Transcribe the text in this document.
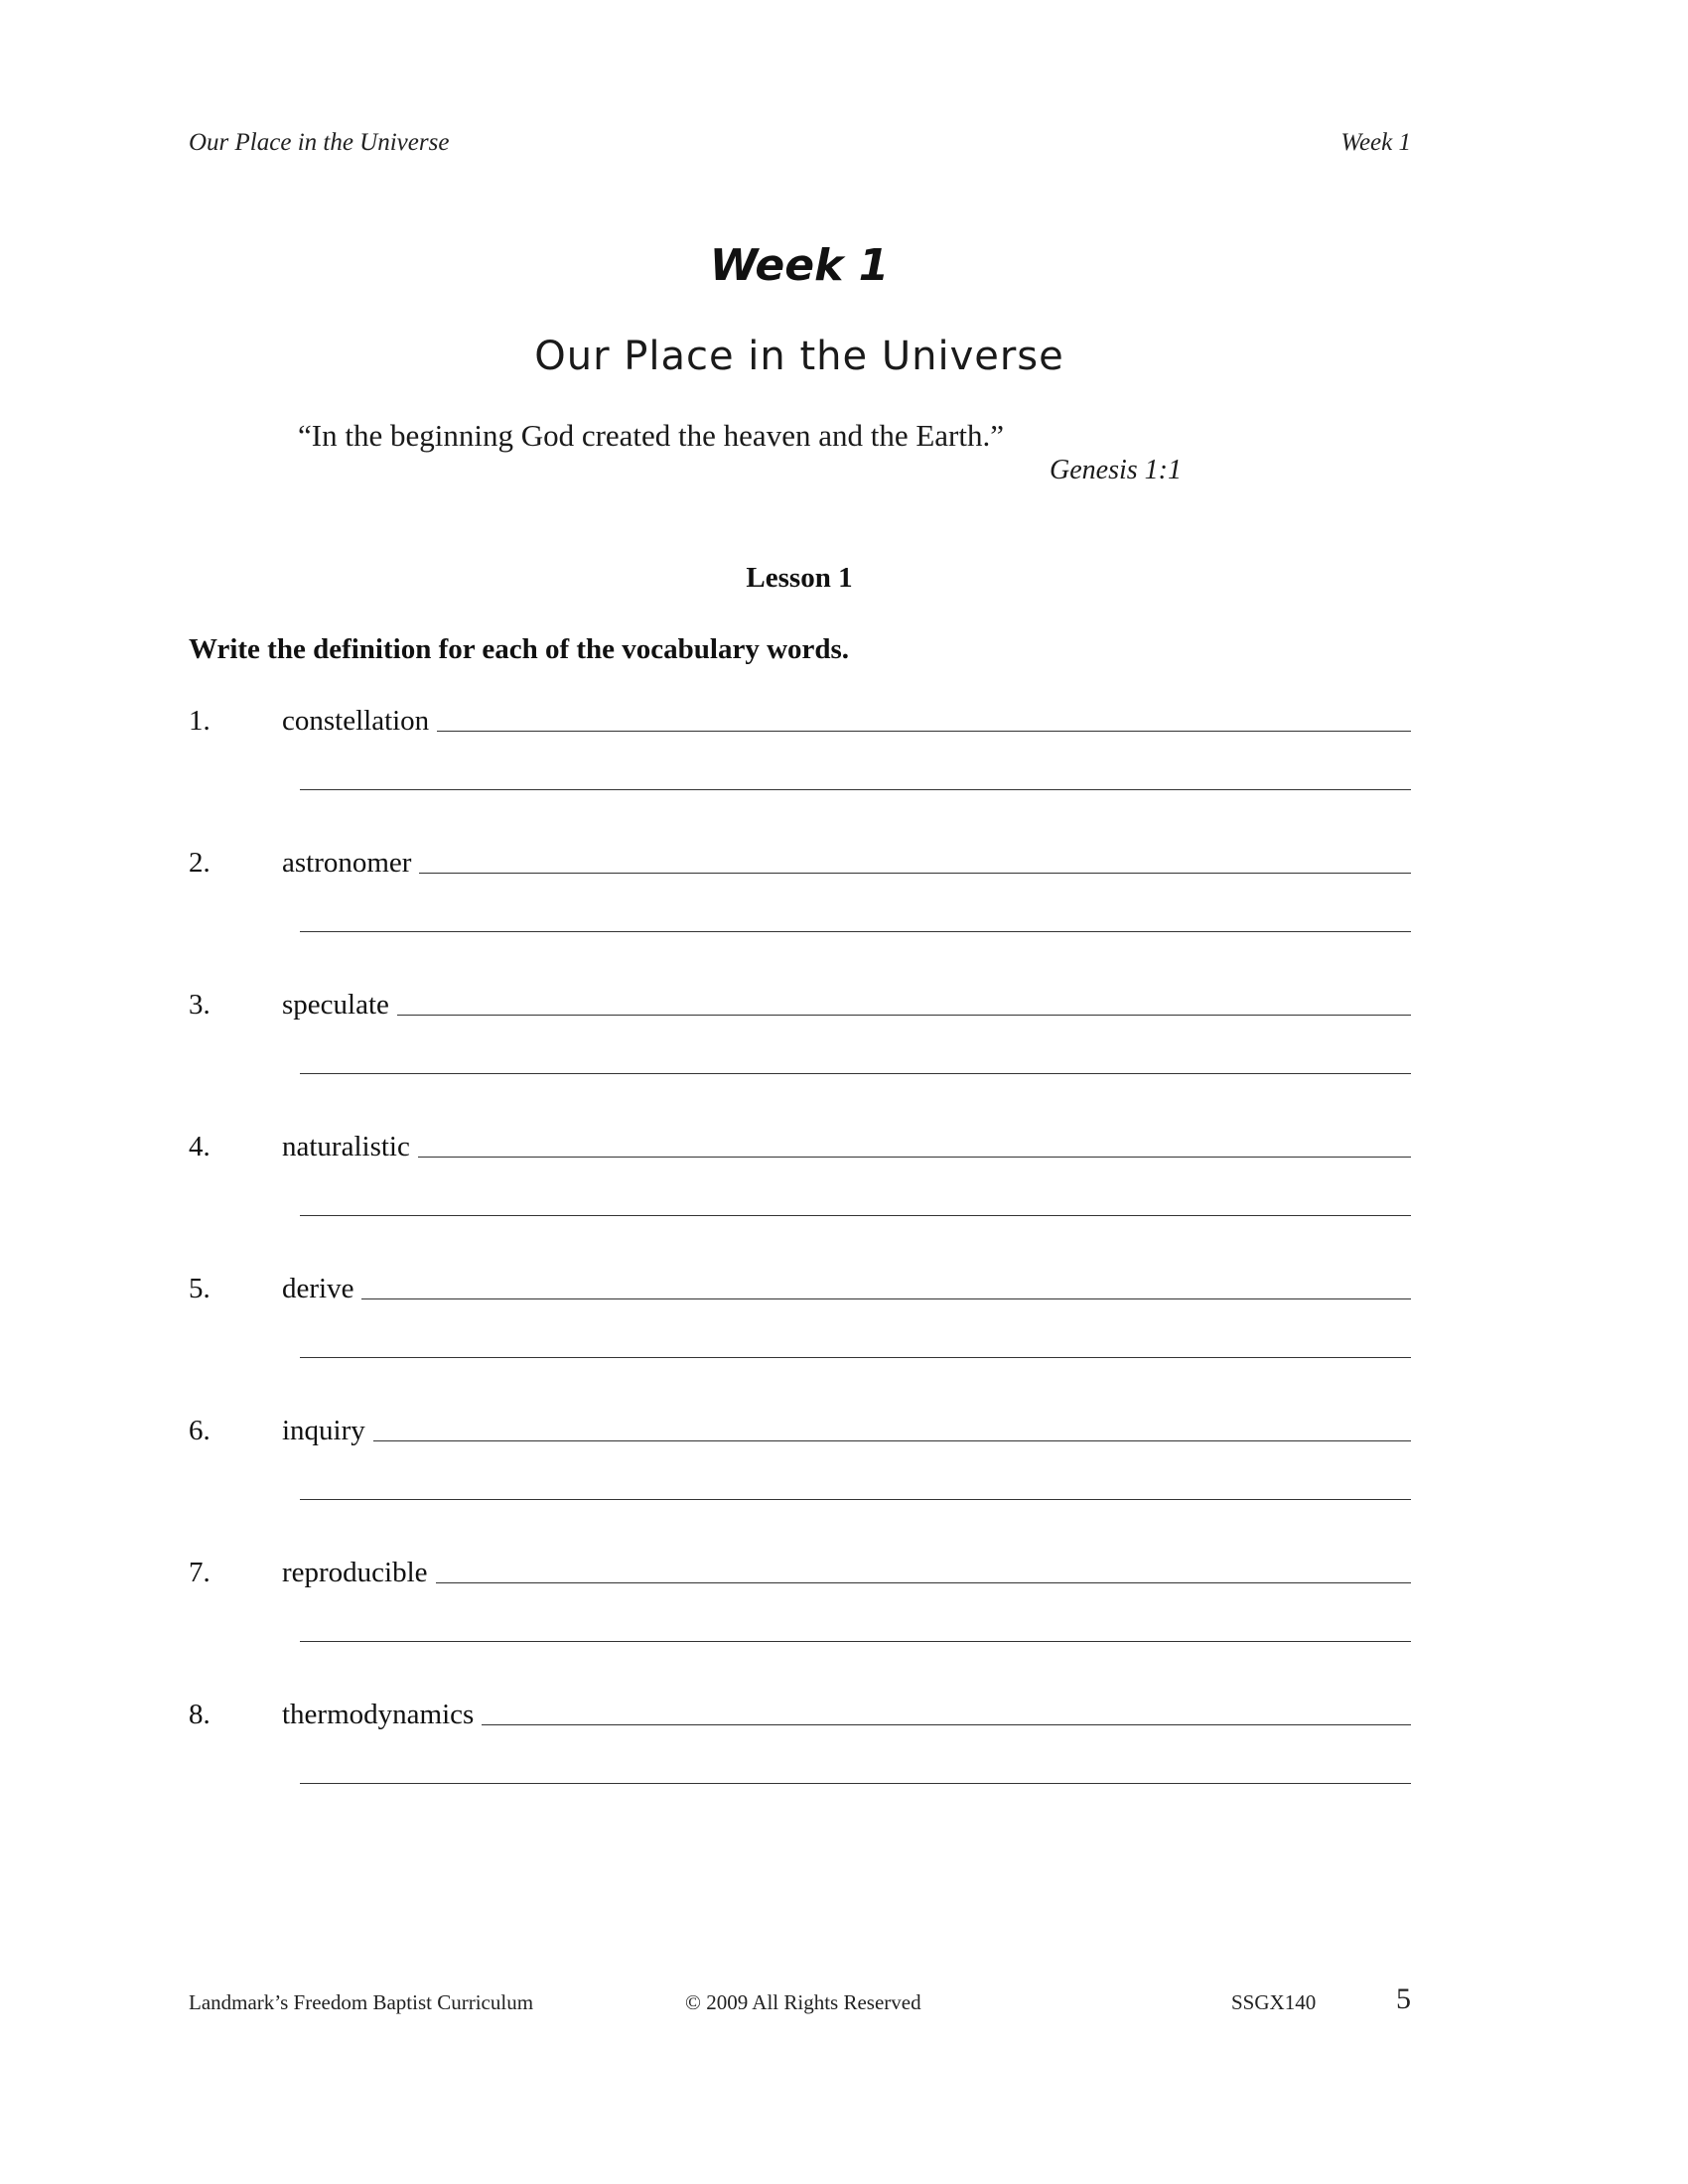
Our Place in the Universe	Week 1
Week 1
Our Place in the Universe
“In the beginning God created the heaven and the Earth.”
Genesis 1:1
Lesson 1
Write the definition for each of the vocabulary words.
1. constellation
2. astronomer
3. speculate
4. naturalistic
5. derive
6. inquiry
7. reproducible
8. thermodynamics
Landmark’s Freedom Baptist Curriculum	© 2009 All Rights Reserved	SSGX140	5
